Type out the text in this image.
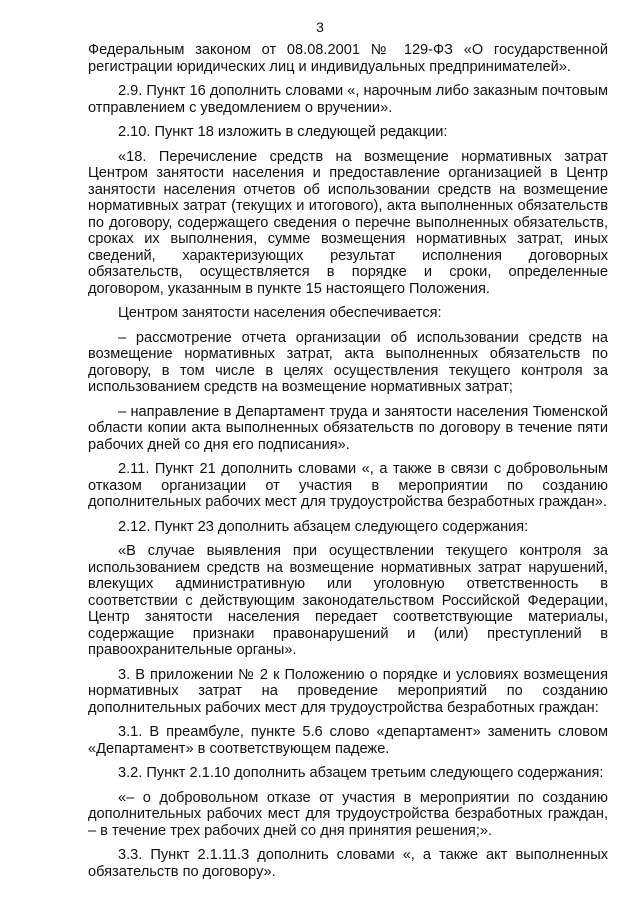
3

Федеральным законом от 08.08.2001 № 129-ФЗ «О государственной регистрации юридических лиц и индивидуальных предпринимателей».

2.9. Пункт 16 дополнить словами «, нарочным либо заказным почтовым отправлением с уведомлением о вручении».

2.10. Пункт 18 изложить в следующей редакции:

«18. Перечисление средств на возмещение нормативных затрат Центром занятости населения и предоставление организацией в Центр занятости населения отчетов об использовании средств на возмещение нормативных затрат (текущих и итогового), акта выполненных обязательств по договору, содержащего сведения о перечне выполненных обязательств, сроках их выполнения, сумме возмещения нормативных затрат, иных сведений, характеризующих результат исполнения договорных обязательств, осуществляется в порядке и сроки, определенные договором, указанным в пункте 15 настоящего Положения.

Центром занятости населения обеспечивается:

– рассмотрение отчета организации об использовании средств на возмещение нормативных затрат, акта выполненных обязательств по договору, в том числе в целях осуществления текущего контроля за использованием средств на возмещение нормативных затрат;

– направление в Департамент труда и занятости населения Тюменской области копии акта выполненных обязательств по договору в течение пяти рабочих дней со дня его подписания».

2.11. Пункт 21 дополнить словами «, а также в связи с добровольным отказом организации от участия в мероприятии по созданию дополнительных рабочих мест для трудоустройства безработных граждан».

2.12. Пункт 23 дополнить абзацем следующего содержания:

«В случае выявления при осуществлении текущего контроля за использованием средств на возмещение нормативных затрат нарушений, влекущих административную или уголовную ответственность в соответствии с действующим законодательством Российской Федерации, Центр занятости населения передает соответствующие материалы, содержащие признаки правонарушений и (или) преступлений в правоохранительные органы».

3. В приложении № 2 к Положению о порядке и условиях возмещения нормативных затрат на проведение мероприятий по созданию дополнительных рабочих мест для трудоустройства безработных граждан:

3.1. В преамбуле, пункте 5.6 слово «департамент» заменить словом «Департамент» в соответствующем падеже.

3.2. Пункт 2.1.10 дополнить абзацем третьим следующего содержания:

«– о добровольном отказе от участия в мероприятии по созданию дополнительных рабочих мест для трудоустройства безработных граждан, – в течение трех рабочих дней со дня принятия решения;».

3.3. Пункт 2.1.11.3 дополнить словами «, а также акт выполненных обязательств по договору».
